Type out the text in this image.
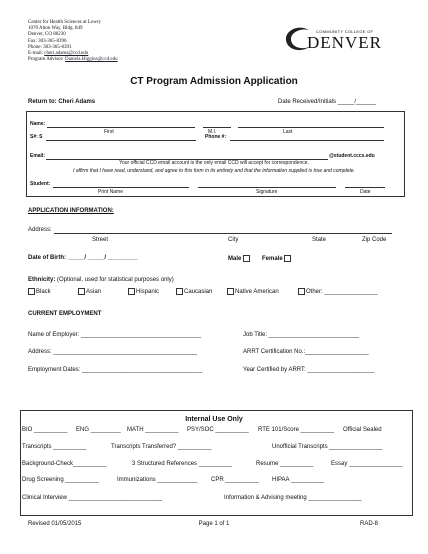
Center for Health Sciences at Lowry
1070 Alton Way, Bldg. 849
Denver, CO 80230
Fax: 303-365-8396
Phone: 303-365-8391
E-mail: cheri.adams@ccd.edu
Program Advisor: Daniela.Higgins@ccd.edu
COMMUNITY COLLEGE OF
DENVER
CT Program Admission Application
Return to: Cheri Adams	Date Received/Initials _____/______
Name:
First	M.I.	Last
S#: S	Phone #:
Email:	@student.cccs.edu
Your official CCD email account is the only email CCD will accept for correspondence.
I affirm that I have read, understand, and agree to this form in its entirety and that the information supplied is true and complete.
Student:
Print Name	Signature	Date
APPLICATION INFORMATION:
Address:
Street	City	State	Zip Code
Date of Birth: _____/ _____/ _________	Male	Female
Ethnicity: (Optional, used for statistical purposes only)
Black	Asian	Hispanic	Caucasian	Native American	Other: ________________
CURRENT EMPLOYMENT
Name of Employer: ____________________________________	Job Title: ___________________________
Address: ___________________________________________	ARRT Certification No.:___________________
Employment Dates: ____________________________________	Year Certified by ARRT: ____________________
Internal Use Only
BIO __________ ENG _________ MATH __________ PSY/SOC __________ RTE 101/Score __________ Official Sealed
Transcripts __________	Transcripts Transferred? __________	Unofficial Transcripts ________________
Background-Check__________	3 Structured References __________	Resume __________	Essay ________________
Drug Screening __________	Immunizations ____________ CPR __________ HIPAA __________
Clinical Interview ____________________________	Information & Advising meeting ________________
Revised 01/05/2015	Page 1 of 1	RAD-8
